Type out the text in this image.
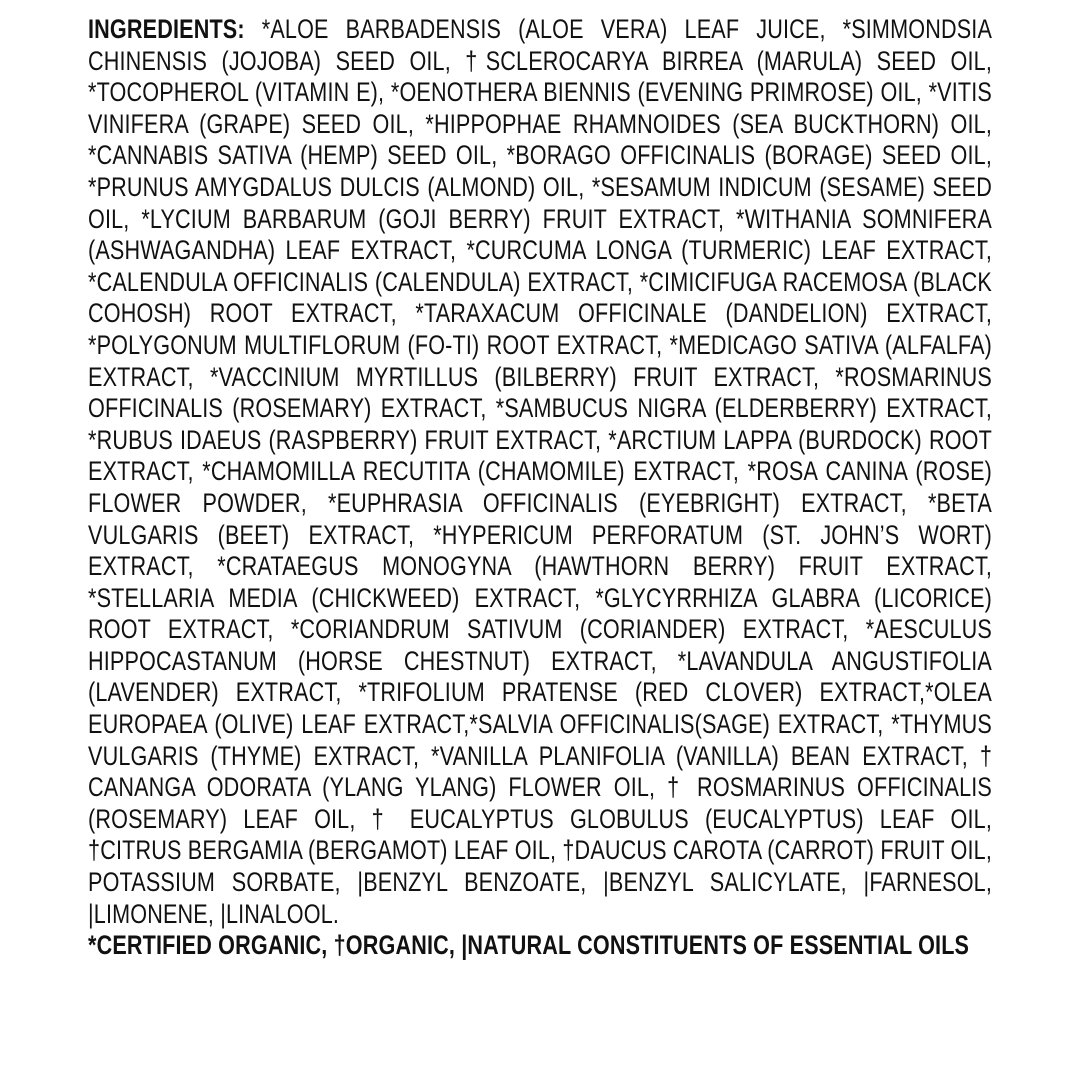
INGREDIENTS: *ALOE BARBADENSIS (ALOE VERA) LEAF JUICE, *SIMMONDSIA CHINENSIS (JOJOBA) SEED OIL, †SCLEROCARYA BIRREA (MARULA) SEED OIL, *TOCOPHEROL (VITAMIN E), *OENOTHERA BIENNIS (EVENING PRIMROSE) OIL, *VITIS VINIFERA (GRAPE) SEED OIL, *HIPPOPHAE RHAMNOIDES (SEA BUCKTHORN) OIL, *CANNABIS SATIVA (HEMP) SEED OIL, *BORAGO OFFICINALIS (BORAGE) SEED OIL, *PRUNUS AMYGDALUS DULCIS (ALMOND) OIL, *SESAMUM INDICUM (SESAME) SEED OIL, *LYCIUM BARBARUM (GOJI BERRY) FRUIT EXTRACT, *WITHANIA SOMNIFERA (ASHWAGANDHA) LEAF EXTRACT, *CURCUMA LONGA (TURMERIC) LEAF EXTRACT, *CALENDULA OFFICINALIS (CALENDULA) EXTRACT, *CIMICIFUGA RACEMOSA (BLACK COHOSH) ROOT EXTRACT, *TARAXACUM OFFICINALE (DANDELION) EXTRACT, *POLYGONUM MULTIFLORUM (FO-TI) ROOT EXTRACT, *MEDICAGO SATIVA (ALFALFA) EXTRACT, *VACCINIUM MYRTILLUS (BILBERRY) FRUIT EXTRACT, *ROSMARINUS OFFICINALIS (ROSEMARY) EXTRACT, *SAMBUCUS NIGRA (ELDERBERRY) EXTRACT, *RUBUS IDAEUS (RASPBERRY) FRUIT EXTRACT, *ARCTIUM LAPPA (BURDOCK) ROOT EXTRACT, *CHAMOMILLA RECUTITA (CHAMOMILE) EXTRACT, *ROSA CANINA (ROSE) FLOWER POWDER, *EUPHRASIA OFFICINALIS (EYEBRIGHT) EXTRACT, *BETA VULGARIS (BEET) EXTRACT, *HYPERICUM PERFORATUM (ST. JOHN’S WORT) EXTRACT, *CRATAEGUS MONOGYNA (HAWTHORN BERRY) FRUIT EXTRACT, *STELLARIA MEDIA (CHICKWEED) EXTRACT, *GLYCYRRHIZA GLABRA (LICORICE) ROOT EXTRACT, *CORIANDRUM SATIVUM (CORIANDER) EXTRACT, *AESCULUS HIPPOCASTANUM (HORSE CHESTNUT) EXTRACT, *LAVANDULA ANGUSTIFOLIA (LAVENDER) EXTRACT, *TRIFOLIUM PRATENSE (RED CLOVER) EXTRACT,*OLEA EUROPAEA (OLIVE) LEAF EXTRACT,*SALVIA OFFICINALIS(SAGE) EXTRACT, *THYMUS VULGARIS (THYME) EXTRACT, *VANILLA PLANIFOLIA (VANILLA) BEAN EXTRACT, † CANANGA ODORATA (YLANG YLANG) FLOWER OIL, † ROSMARINUS OFFICINALIS (ROSEMARY) LEAF OIL, † EUCALYPTUS GLOBULUS (EUCALYPTUS) LEAF OIL, †CITRUS BERGAMIA (BERGAMOT) LEAF OIL, †DAUCUS CAROTA (CARROT) FRUIT OIL, POTASSIUM SORBATE, |BENZYL BENZOATE, |BENZYL SALICYLATE, |FARNESOL, |LIMONENE, |LINALOOL.

*CERTIFIED ORGANIC, †ORGANIC, |NATURAL CONSTITUENTS OF ESSENTIAL OILS
